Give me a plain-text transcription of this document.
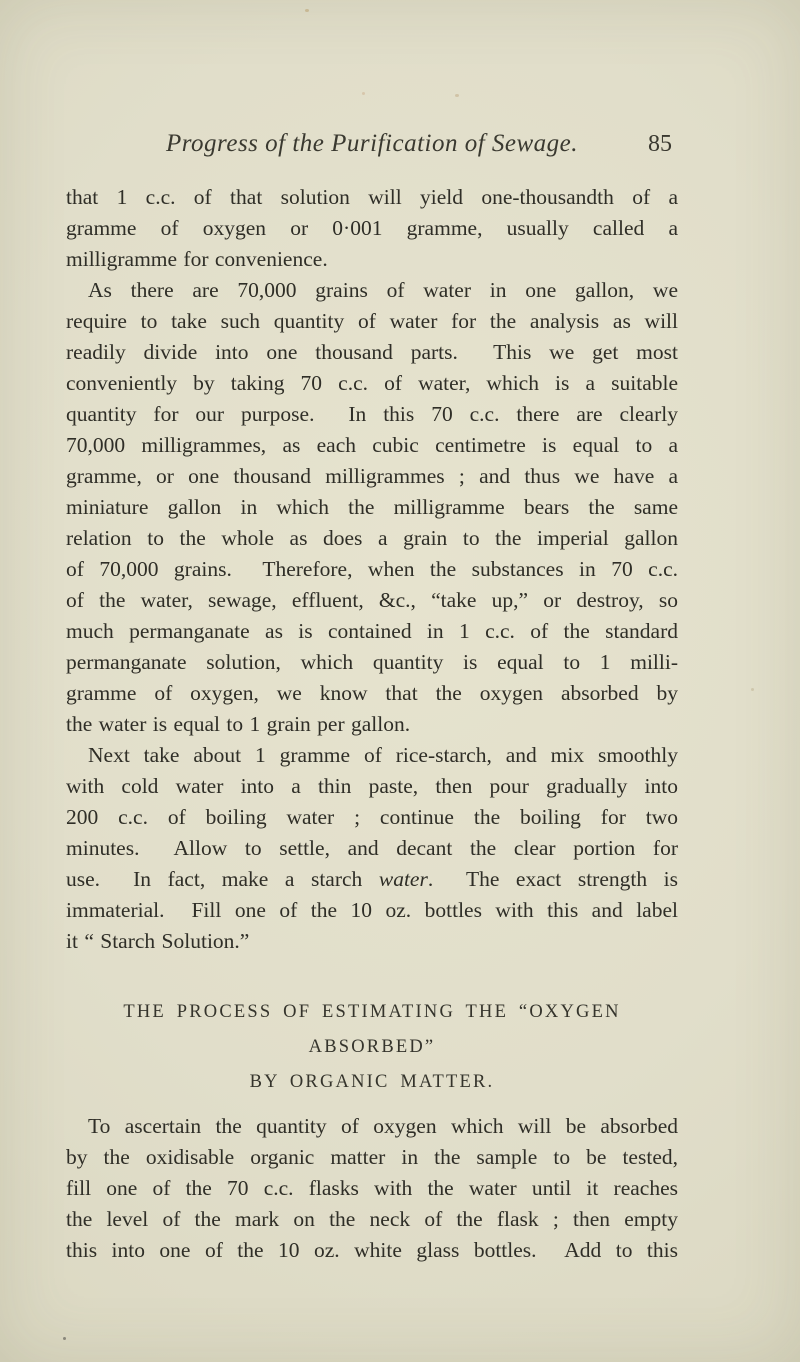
Progress of the Purification of Sewage.	85
that 1 c.c. of that solution will yield one-thousandth of a
gramme of oxygen or 0·001 gramme, usually called a
milligramme for convenience.
As there are 70,000 grains of water in one gallon, we
require to take such quantity of water for the analysis as will
readily divide into one thousand parts.  This we get most
conveniently by taking 70 c.c. of water, which is a suitable
quantity for our purpose.  In this 70 c.c. there are clearly
70,000 milligrammes, as each cubic centimetre is equal to a
gramme, or one thousand milligrammes ; and thus we have a
miniature gallon in which the milligramme bears the same
relation to the whole as does a grain to the imperial gallon
of 70,000 grains.  Therefore, when the substances in 70 c.c.
of the water, sewage, effluent, &c., “take up,” or destroy, so
much permanganate as is contained in 1 c.c. of the standard
permanganate solution, which quantity is equal to 1 milli-
gramme of oxygen, we know that the oxygen absorbed by
the water is equal to 1 grain per gallon.
Next take about 1 gramme of rice-starch, and mix smoothly
with cold water into a thin paste, then pour gradually into
200 c.c. of boiling water ; continue the boiling for two
minutes.  Allow to settle, and decant the clear portion for
use.  In fact, make a starch water.  The exact strength is
immaterial.  Fill one of the 10 oz. bottles with this and label
it “ Starch Solution.”
THE PROCESS OF ESTIMATING THE “OXYGEN ABSORBED”
BY ORGANIC MATTER.
To ascertain the quantity of oxygen which will be absorbed
by the oxidisable organic matter in the sample to be tested,
fill one of the 70 c.c. flasks with the water until it reaches
the level of the mark on the neck of the flask ; then empty
this into one of the 10 oz. white glass bottles.  Add to this
